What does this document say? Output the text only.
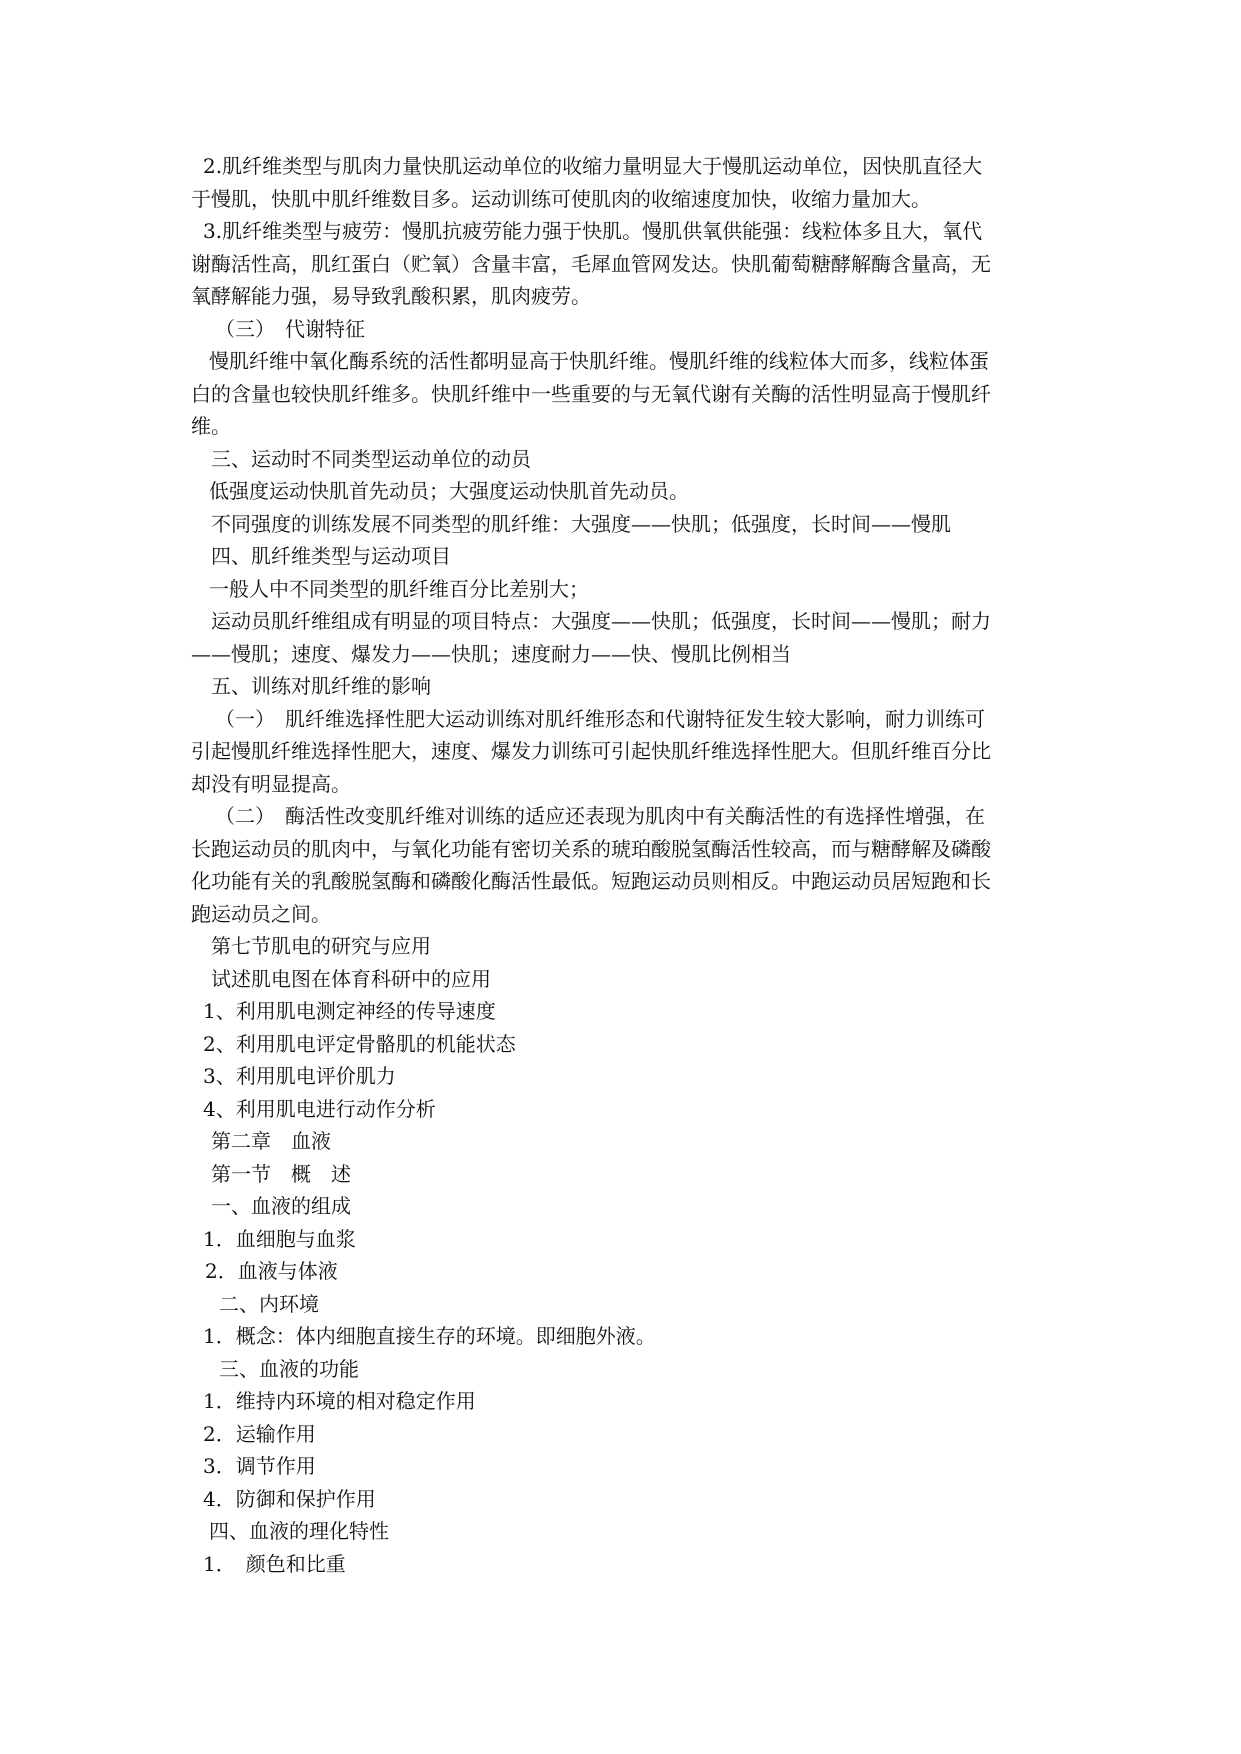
2.肌纤维类型与肌肉力量快肌运动单位的收缩力量明显大于慢肌运动单位，因快肌直径大

于慢肌，快肌中肌纤维数目多。运动训练可使肌肉的收缩速度加快，收缩力量加大。

3.肌纤维类型与疲劳：慢肌抗疲劳能力强于快肌。慢肌供氧供能强：线粒体多且大，氧代

谢酶活性高，肌红蛋白（贮氧）含量丰富，毛犀血管网发达。快肌葡萄糖酵解酶含量高，无

氧酵解能力强，易导致乳酸积累，肌肉疲劳。

（三）　代谢特征

慢肌纤维中氧化酶系统的活性都明显高于快肌纤维。慢肌纤维的线粒体大而多，线粒体蛋

白的含量也较快肌纤维多。快肌纤维中一些重要的与无氧代谢有关酶的活性明显高于慢肌纤

维。

三、运动时不同类型运动单位的动员

低强度运动快肌首先动员；大强度运动快肌首先动员。

不同强度的训练发展不同类型的肌纤维：大强度——快肌；低强度，长时间——慢肌

四、肌纤维类型与运动项目

一般人中不同类型的肌纤维百分比差别大；

运动员肌纤维组成有明显的项目特点：大强度——快肌；低强度，长时间——慢肌；耐力

——慢肌；速度、爆发力——快肌；速度耐力——快、慢肌比例相当

五、训练对肌纤维的影响

（一）　肌纤维选择性肥大运动训练对肌纤维形态和代谢特征发生较大影响，耐力训练可

引起慢肌纤维选择性肥大，速度、爆发力训练可引起快肌纤维选择性肥大。但肌纤维百分比

却没有明显提高。

（二）　酶活性改变肌纤维对训练的适应还表现为肌肉中有关酶活性的有选择性增强，在

长跑运动员的肌肉中，与氧化功能有密切关系的琥珀酸脱氢酶活性较高，而与糖酵解及磷酸

化功能有关的乳酸脱氢酶和磷酸化酶活性最低。短跑运动员则相反。中跑运动员居短跑和长

跑运动员之间。

第七节肌电的研究与应用

试述肌电图在体育科研中的应用

1、利用肌电测定神经的传导速度

2、利用肌电评定骨骼肌的机能状态

3、利用肌电评价肌力

4、利用肌电进行动作分析

第二章　血液

第一节　概　述

一、血液的组成

1．血细胞与血浆

2．血液与体液

二、内环境

1．概念：体内细胞直接生存的环境。即细胞外液。

三、血液的功能

1．维持内环境的相对稳定作用

2．运输作用

3．调节作用

4．防御和保护作用

四、血液的理化特性

1．　颜色和比重
